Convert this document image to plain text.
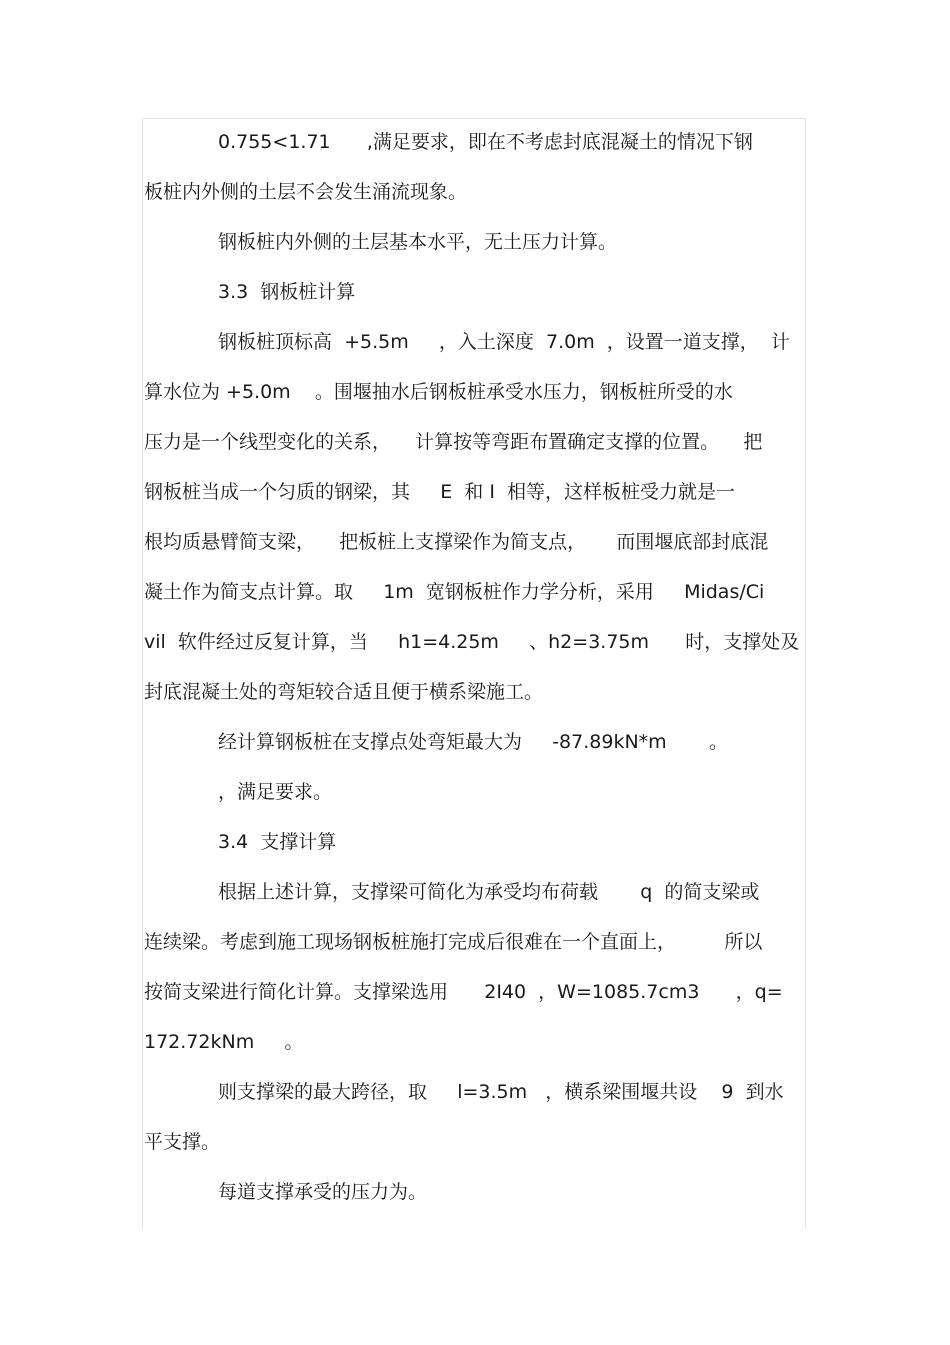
0.755<1.71      ,满足要求，即在不考虑封底混凝土的情况下钢
板桩内外侧的土层不会发生涌流现象。
钢板桩内外侧的土层基本水平，无土压力计算。
3.3  钢板桩计算
钢板桩顶标高  +5.5m     ，入土深度  7.0m  ，设置一道支撑，  计
算水位为 +5.0m    。围堰抽水后钢板桩承受水压力，钢板桩所受的水
压力是一个线型变化的关系，    计算按等弯距布置确定支撑的位置。    把
钢板桩当成一个匀质的钢梁，其     E  和 I  相等，这样板桩受力就是一
根均质悬臂简支梁，    把板桩上支撑梁作为简支点，     而围堰底部封底混
凝土作为简支点计算。取     1m  宽钢板桩作力学分析，采用     Midas/Ci
vil  软件经过反复计算，当     h1=4.25m     、h2=3.75m      时，支撑处及
封底混凝土处的弯矩较合适且便于横系梁施工。
经计算钢板桩在支撑点处弯矩最大为     -87.89kN*m       。
，满足要求。
3.4  支撑计算
根据上述计算，支撑梁可简化为承受均布荷载       q  的简支梁或
连续梁。考虑到施工现场钢板桩施打完成后很难在一个直面上，        所以
按简支梁进行简化计算。支撑梁选用      2I40  ，W=1085.7cm3      ，q=
172.72kNm     。
则支撑梁的最大跨径，取     l=3.5m   ，横系梁围堰共设    9  到水
平支撑。
每道支撑承受的压力为。
